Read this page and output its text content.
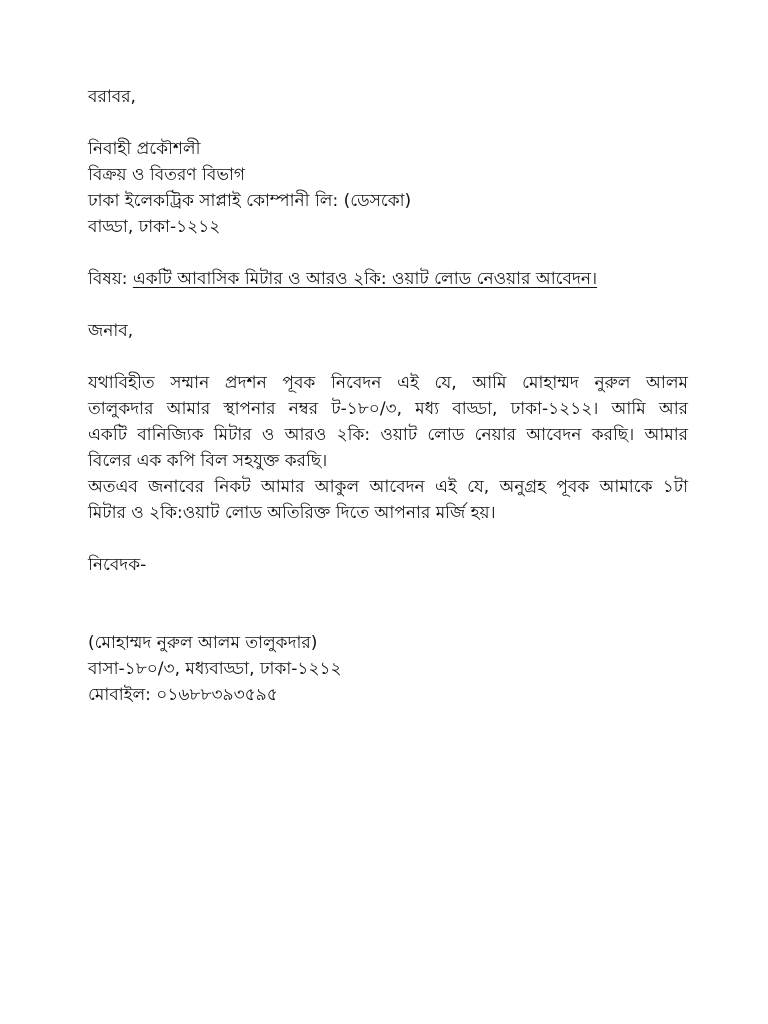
বরাবর,
নিবাহী প্রকৌশলী
বিক্রয় ও বিতরণ বিভাগ
ঢাকা ইলেকট্রিক সাপ্লাই কোম্পানী লি: (ডেসকো)
বাড্ডা, ঢাকা-১২১২
বিষয়: একটি আবাসিক মিটার ও আরও ২কি: ওয়াট লোড নেওয়ার আবেদন।
জনাব,
যথাবিহীত সম্মান প্রদশন পূবক নিবেদন এই যে, আমি মোহাম্মদ নুরুল আলম
তালুকদার আমার স্থাপনার নম্বর ট-১৮০/৩, মধ্য বাড্ডা, ঢাকা-১২১২। আমি আর
একটি বানিজ্যিক মিটার ও আরও ২কি: ওয়াট লোড নেয়ার আবেদন করছি। আমার
বিলের এক কপি বিল সহযুক্ত করছি।
অতএব জনাবের নিকট আমার আকুল আবেদন এই যে, অনুগ্রহ পূবক আমাকে ১টা
মিটার ও ২কি:ওয়াট লোড অতিরিক্ত দিতে আপনার মর্জি হয়।
নিবেদক-
(মোহাম্মদ নুরুল আলম তালুকদার)
বাসা-১৮০/৩, মধ্যবাড্ডা, ঢাকা-১২১২
মোবাইল: ০১৬৮৮৩৯৩৫৯৫
